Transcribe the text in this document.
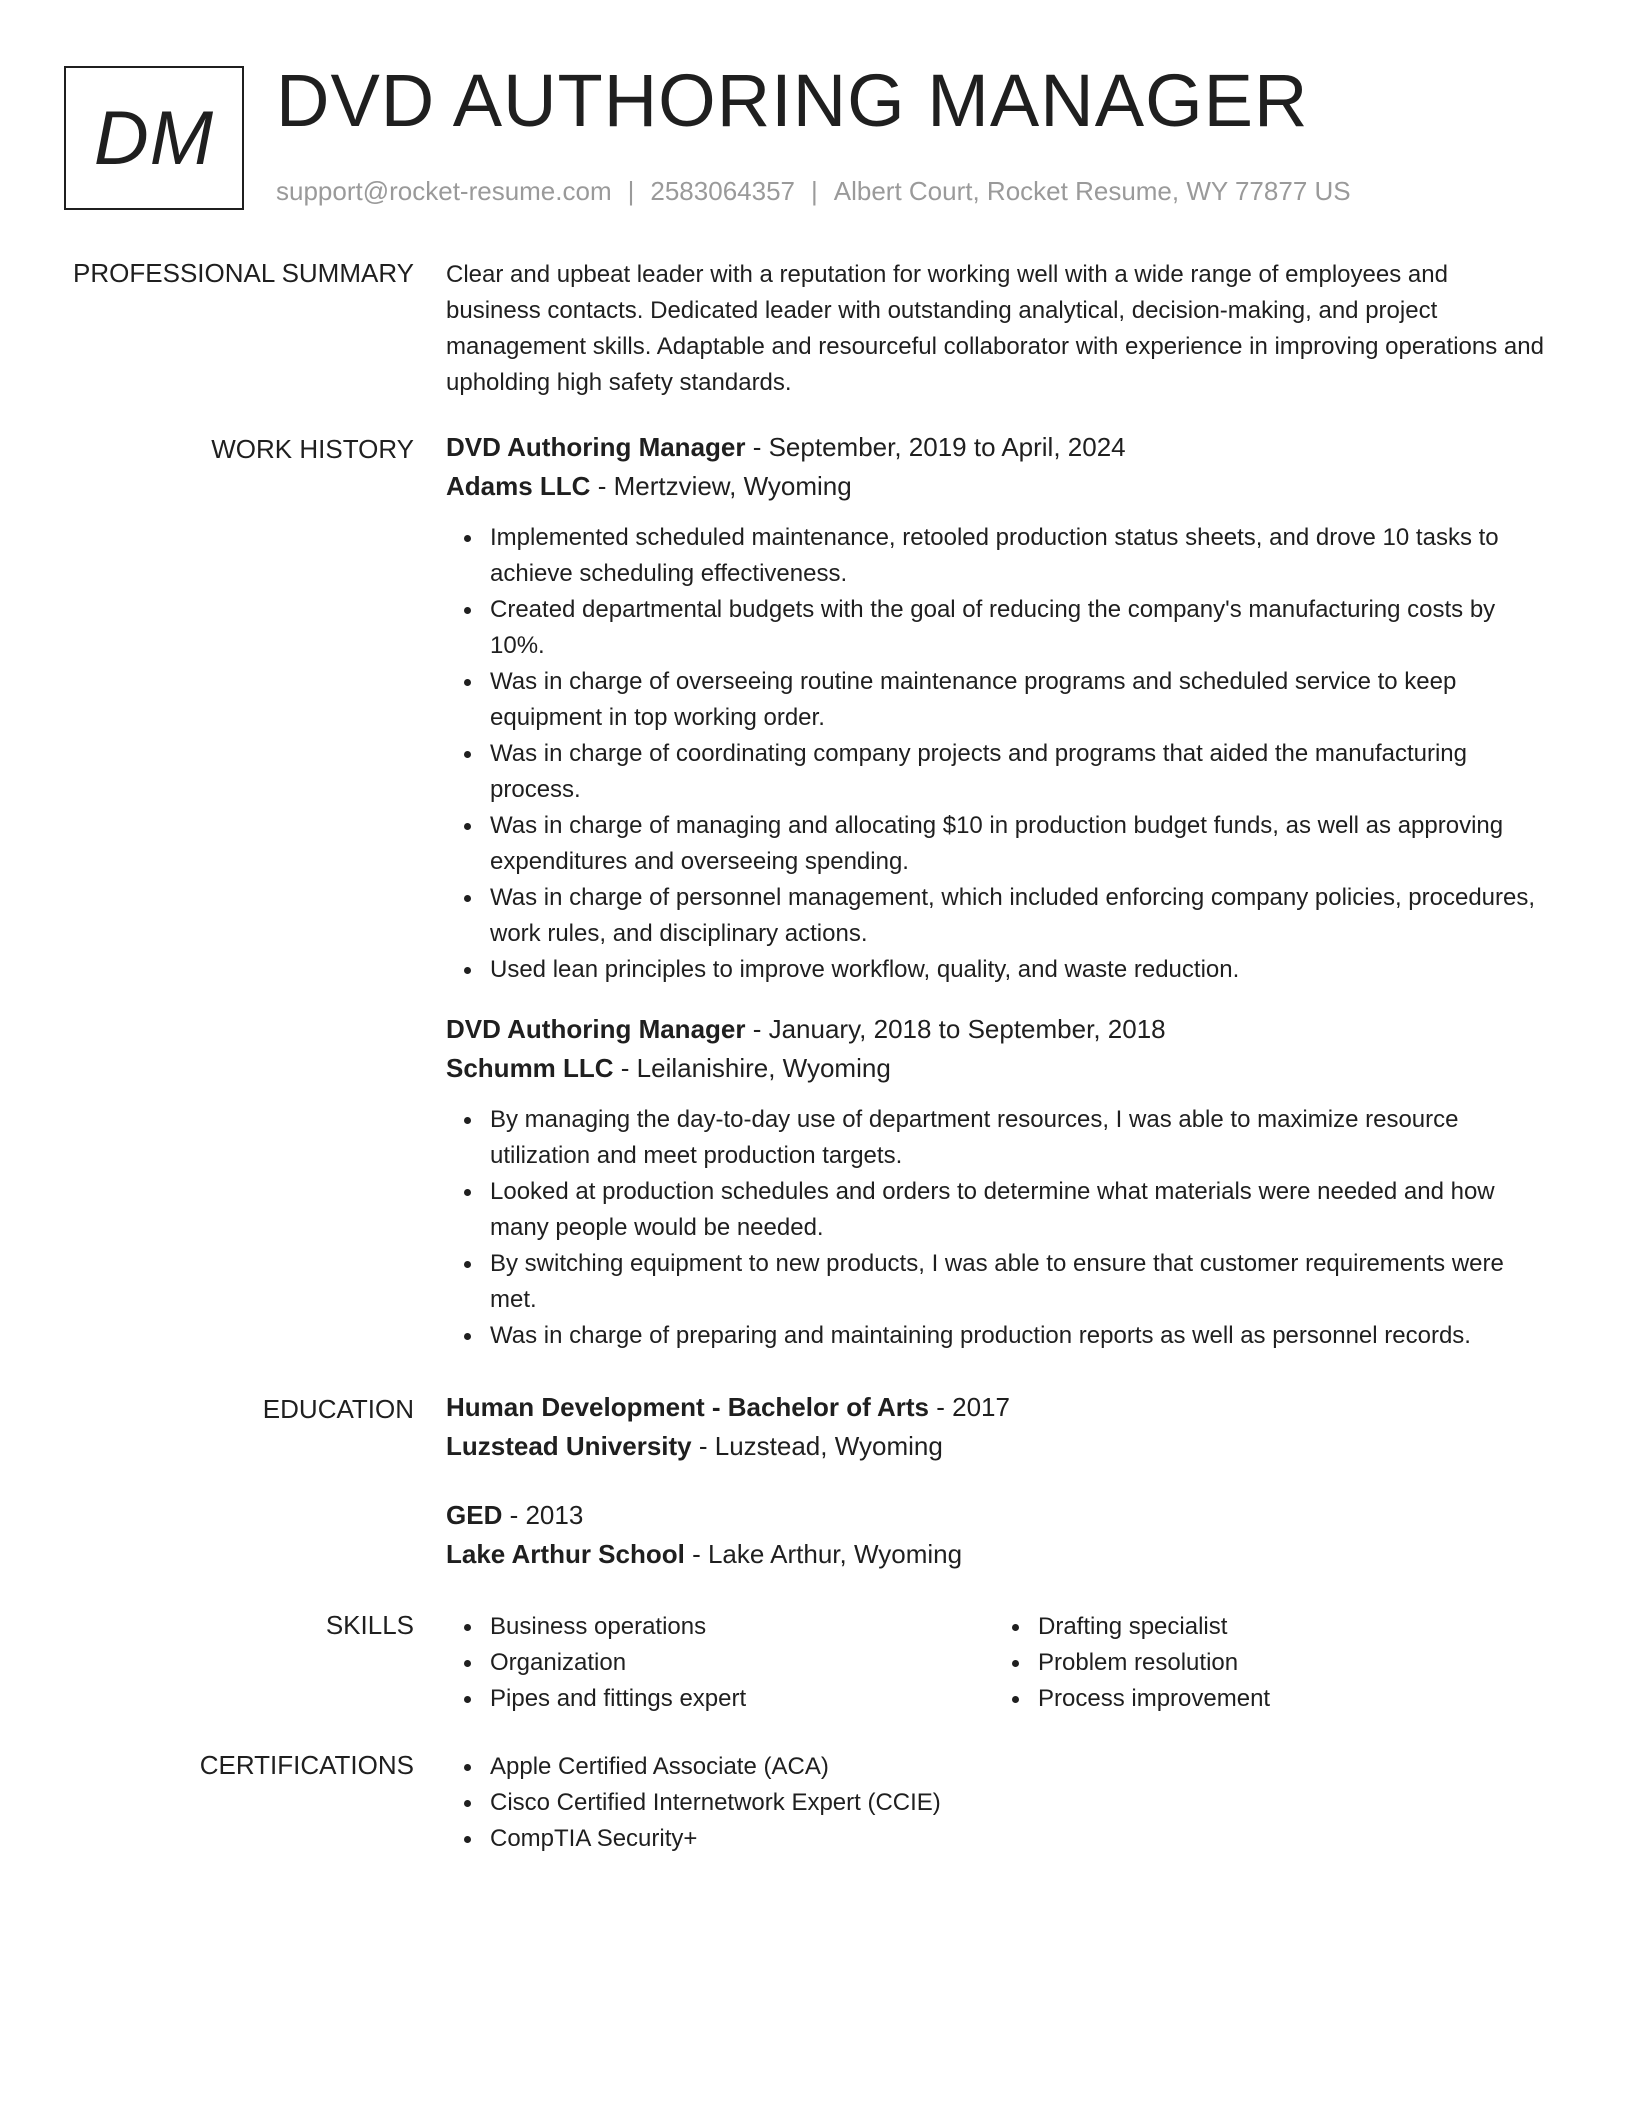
DM DVD AUTHORING MANAGER
support@rocket-resume.com | 2583064357 | Albert Court, Rocket Resume, WY 77877 US
PROFESSIONAL SUMMARY Clear and upbeat leader with a reputation for working well with a wide range of employees and business contacts. Dedicated leader with outstanding analytical, decision-making, and project management skills. Adaptable and resourceful collaborator with experience in improving operations and upholding high safety standards.

WORK HISTORY DVD Authoring Manager - September, 2019 to April, 2024
Adams LLC - Mertzview, Wyoming
Implemented scheduled maintenance, retooled production status sheets, and drove 10 tasks to achieve scheduling effectiveness.
Created departmental budgets with the goal of reducing the company's manufacturing costs by 10%.
Was in charge of overseeing routine maintenance programs and scheduled service to keep equipment in top working order.
Was in charge of coordinating company projects and programs that aided the manufacturing process.
Was in charge of managing and allocating $10 in production budget funds, as well as approving expenditures and overseeing spending.
Was in charge of personnel management, which included enforcing company policies, procedures, work rules, and disciplinary actions.
Used lean principles to improve workflow, quality, and waste reduction.
DVD Authoring Manager - January, 2018 to September, 2018
Schumm LLC - Leilanishire, Wyoming
By managing the day-to-day use of department resources, I was able to maximize resource utilization and meet production targets.
Looked at production schedules and orders to determine what materials were needed and how many people would be needed.
By switching equipment to new products, I was able to ensure that customer requirements were met.
Was in charge of preparing and maintaining production reports as well as personnel records.
EDUCATION Human Development - Bachelor of Arts - 2017
Luzstead University - Luzstead, Wyoming
GED - 2013
Lake Arthur School - Lake Arthur, Wyoming
SKILLS	Business operations
Organization
Pipes and fittings expert
Drafting specialist
Problem resolution
Process improvement
CERTIFICATIONS	Apple Certified Associate (ACA)
Cisco Certified Internetwork Expert (CCIE)
CompTIA Security+
